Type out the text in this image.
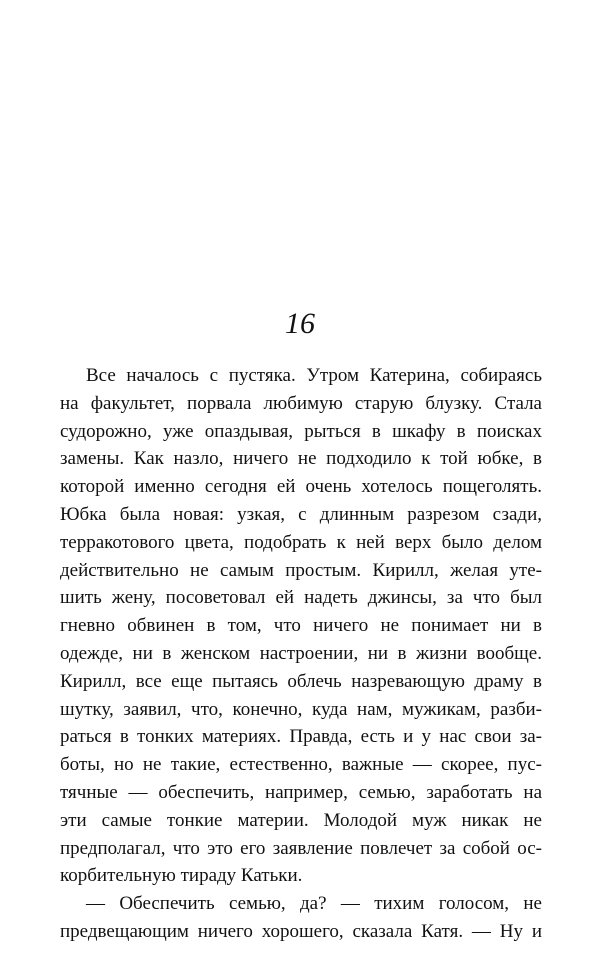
16
Все началось с пустяка. Утром Катерина, собираясь
на факультет, порвала любимую старую блузку. Стала
судорожно, уже опаздывая, рыться в шкафу в поисках
замены. Как назло, ничего не подходило к той юбке, в
которой именно сегодня ей очень хотелось пощеголять.
Юбка была новая: узкая, с длинным разрезом сзади,
терракотового цвета, подобрать к ней верх было делом
действительно не самым простым. Кирилл, желая уте-
шить жену, посоветовал ей надеть джинсы, за что был
гневно обвинен в том, что ничего не понимает ни в
одежде, ни в женском настроении, ни в жизни вообще.
Кирилл, все еще пытаясь облечь назревающую драму в
шутку, заявил, что, конечно, куда нам, мужикам, разби-
раться в тонких материях. Правда, есть и у нас свои за-
боты, но не такие, естественно, важные — скорее, пус-
тячные — обеспечить, например, семью, заработать на
эти самые тонкие материи. Молодой муж никак не
предполагал, что это его заявление повлечет за собой ос-
корбительную тираду Катьки.
— Обеспечить семью, да? — тихим голосом, не
предвещающим ничего хорошего, сказала Катя. — Ну и
